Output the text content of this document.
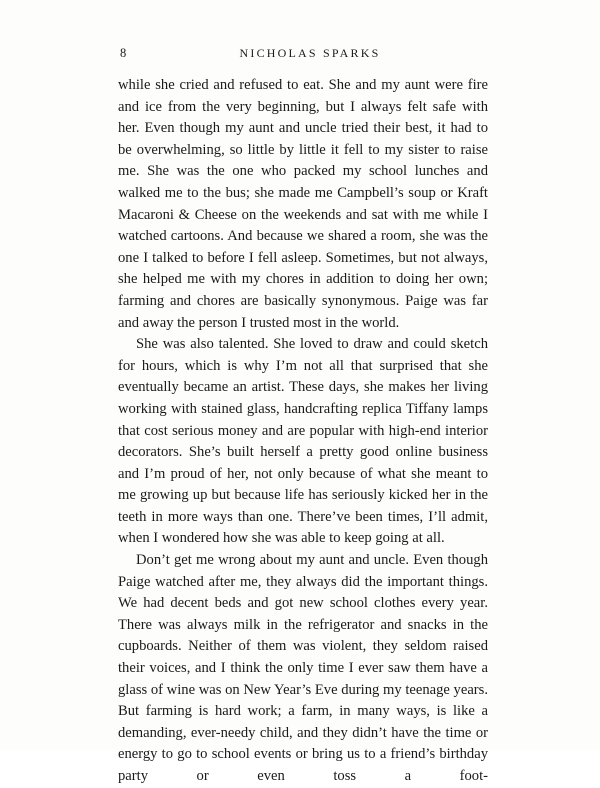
8	NICHOLAS SPARKS

while she cried and refused to eat. She and my aunt were fire and ice from the very beginning, but I always felt safe with her. Even though my aunt and uncle tried their best, it had to be overwhelming, so little by little it fell to my sister to raise me. She was the one who packed my school lunches and walked me to the bus; she made me Campbell’s soup or Kraft Macaroni & Cheese on the weekends and sat with me while I watched cartoons. And because we shared a room, she was the one I talked to before I fell asleep. Sometimes, but not always, she helped me with my chores in addition to doing her own; farming and chores are basically synonymous. Paige was far and away the person I trusted most in the world.

She was also talented. She loved to draw and could sketch for hours, which is why I’m not all that surprised that she eventually became an artist. These days, she makes her living working with stained glass, handcrafting replica Tiffany lamps that cost serious money and are popular with high-end interior decorators. She’s built herself a pretty good online business and I’m proud of her, not only because of what she meant to me growing up but because life has seriously kicked her in the teeth in more ways than one. There’ve been times, I’ll admit, when I wondered how she was able to keep going at all.

Don’t get me wrong about my aunt and uncle. Even though Paige watched after me, they always did the important things. We had decent beds and got new school clothes every year. There was always milk in the refrigerator and snacks in the cupboards. Neither of them was violent, they seldom raised their voices, and I think the only time I ever saw them have a glass of wine was on New Year’s Eve during my teenage years. But farming is hard work; a farm, in many ways, is like a demanding, ever-needy child, and they didn’t have the time or energy to go to school events or bring us to a friend’s birthday party or even toss a foot-
